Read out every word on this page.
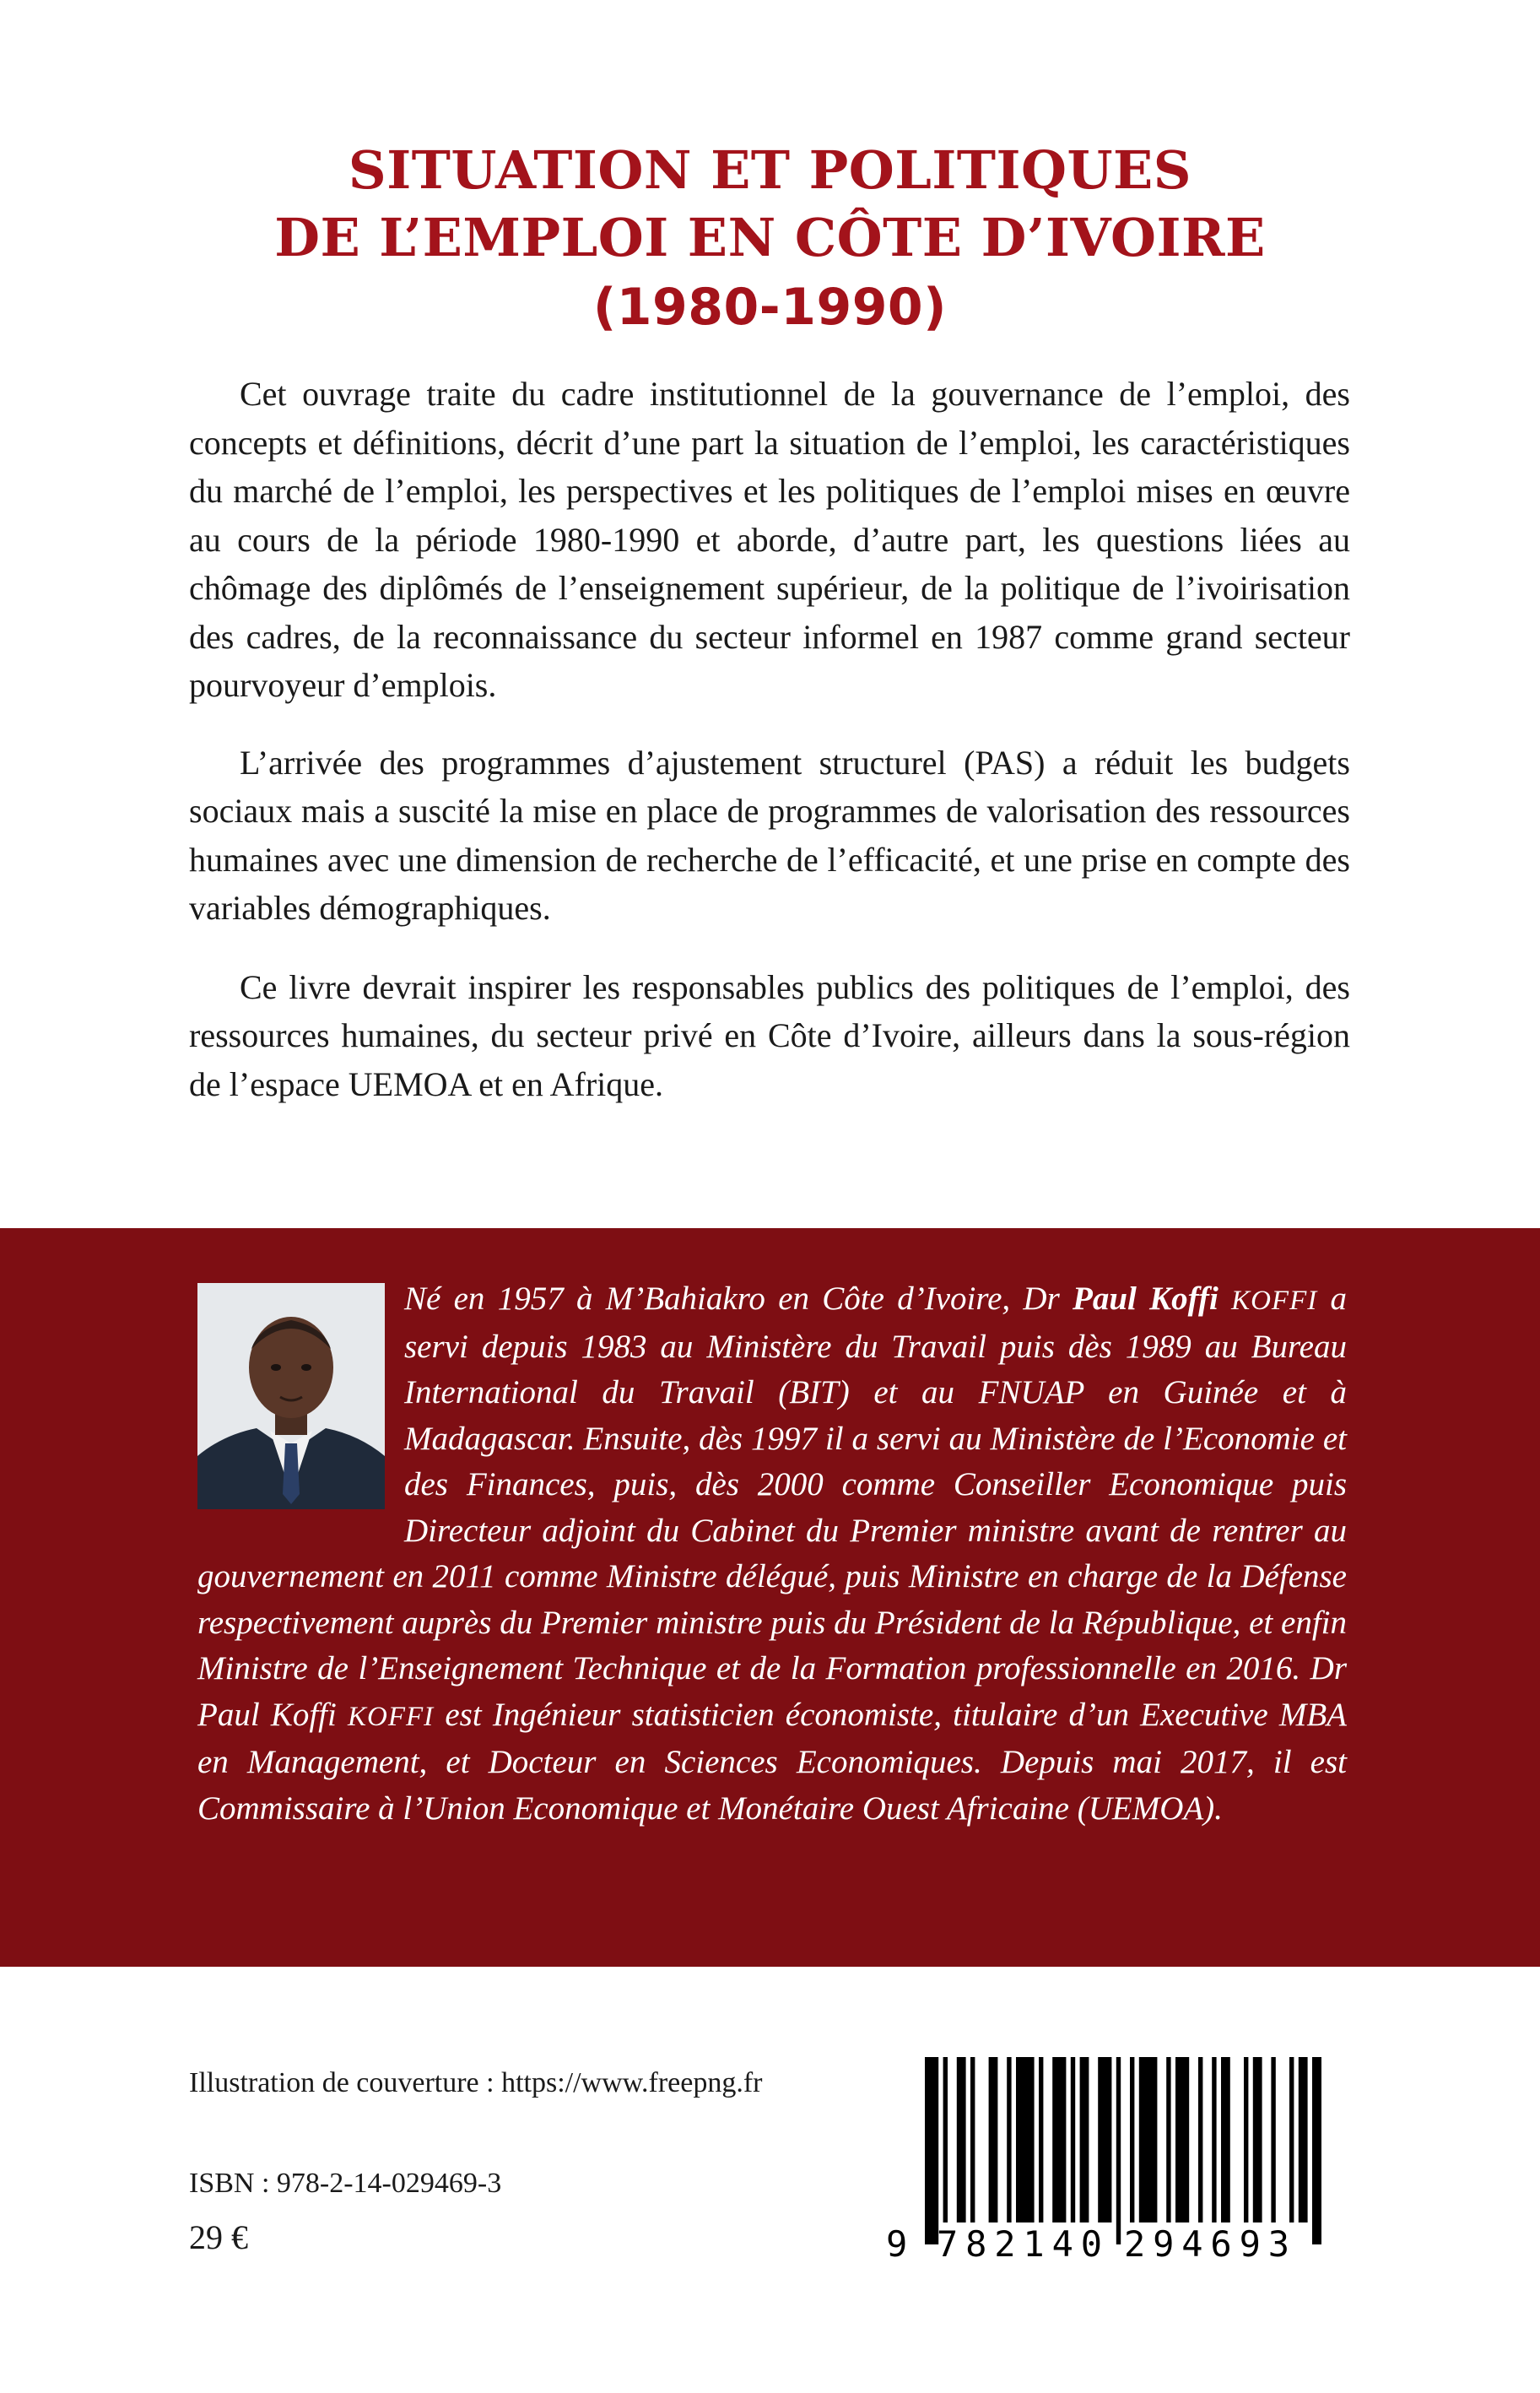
SITUATION ET POLITIQUES
DE L’EMPLOI EN CÔTE D’IVOIRE
(1980-1990)

Cet ouvrage traite du cadre institutionnel de la gouvernance de l’emploi, des concepts et définitions, décrit d’une part la situation de l’emploi, les caractéristiques du marché de l’emploi, les perspectives et les politiques de l’emploi mises en œuvre au cours de la période 1980-1990 et aborde, d’autre part, les questions liées au chômage des diplômés de l’enseignement supérieur, de la politique de l’ivoirisation des cadres, de la reconnaissance du secteur informel en 1987 comme grand secteur pourvoyeur d’emplois.

L’arrivée des programmes d’ajustement structurel (PAS) a réduit les budgets sociaux mais a suscité la mise en place de programmes de valorisation des ressources humaines avec une dimension de recherche de l’efficacité, et une prise en compte des variables démographiques.

Ce livre devrait inspirer les responsables publics des politiques de l’emploi, des ressources humaines, du secteur privé en Côte d’Ivoire, ailleurs dans la sous-région de l’espace UEMOA et en Afrique.

Né en 1957 à M’Bahiakro en Côte d’Ivoire, Dr Paul Koffi KOFFI a servi depuis 1983 au Ministère du Travail puis dès 1989 au Bureau International du Travail (BIT) et au FNUAP en Guinée et à Madagascar. Ensuite, dès 1997 il a servi au Ministère de l’Economie et des Finances, puis, dès 2000 comme Conseiller Economique puis Directeur adjoint du Cabinet du Premier ministre avant de rentrer au gouvernement en 2011 comme Ministre délégué, puis Ministre en charge de la Défense respectivement auprès du Premier ministre puis du Président de la République, et enfin Ministre de l’Enseignement Technique et de la Formation professionnelle en 2016. Dr Paul Koffi KOFFI est Ingénieur statisticien économiste, titulaire d’un Executive MBA en Management, et Docteur en Sciences Economiques. Depuis mai 2017, il est Commissaire à l’Union Economique et Monétaire Ouest Africaine (UEMOA).
Illustration de couverture : https://www.freepng.fr
ISBN : 978-2-14-029469-3
29 €	9 782140 294693
